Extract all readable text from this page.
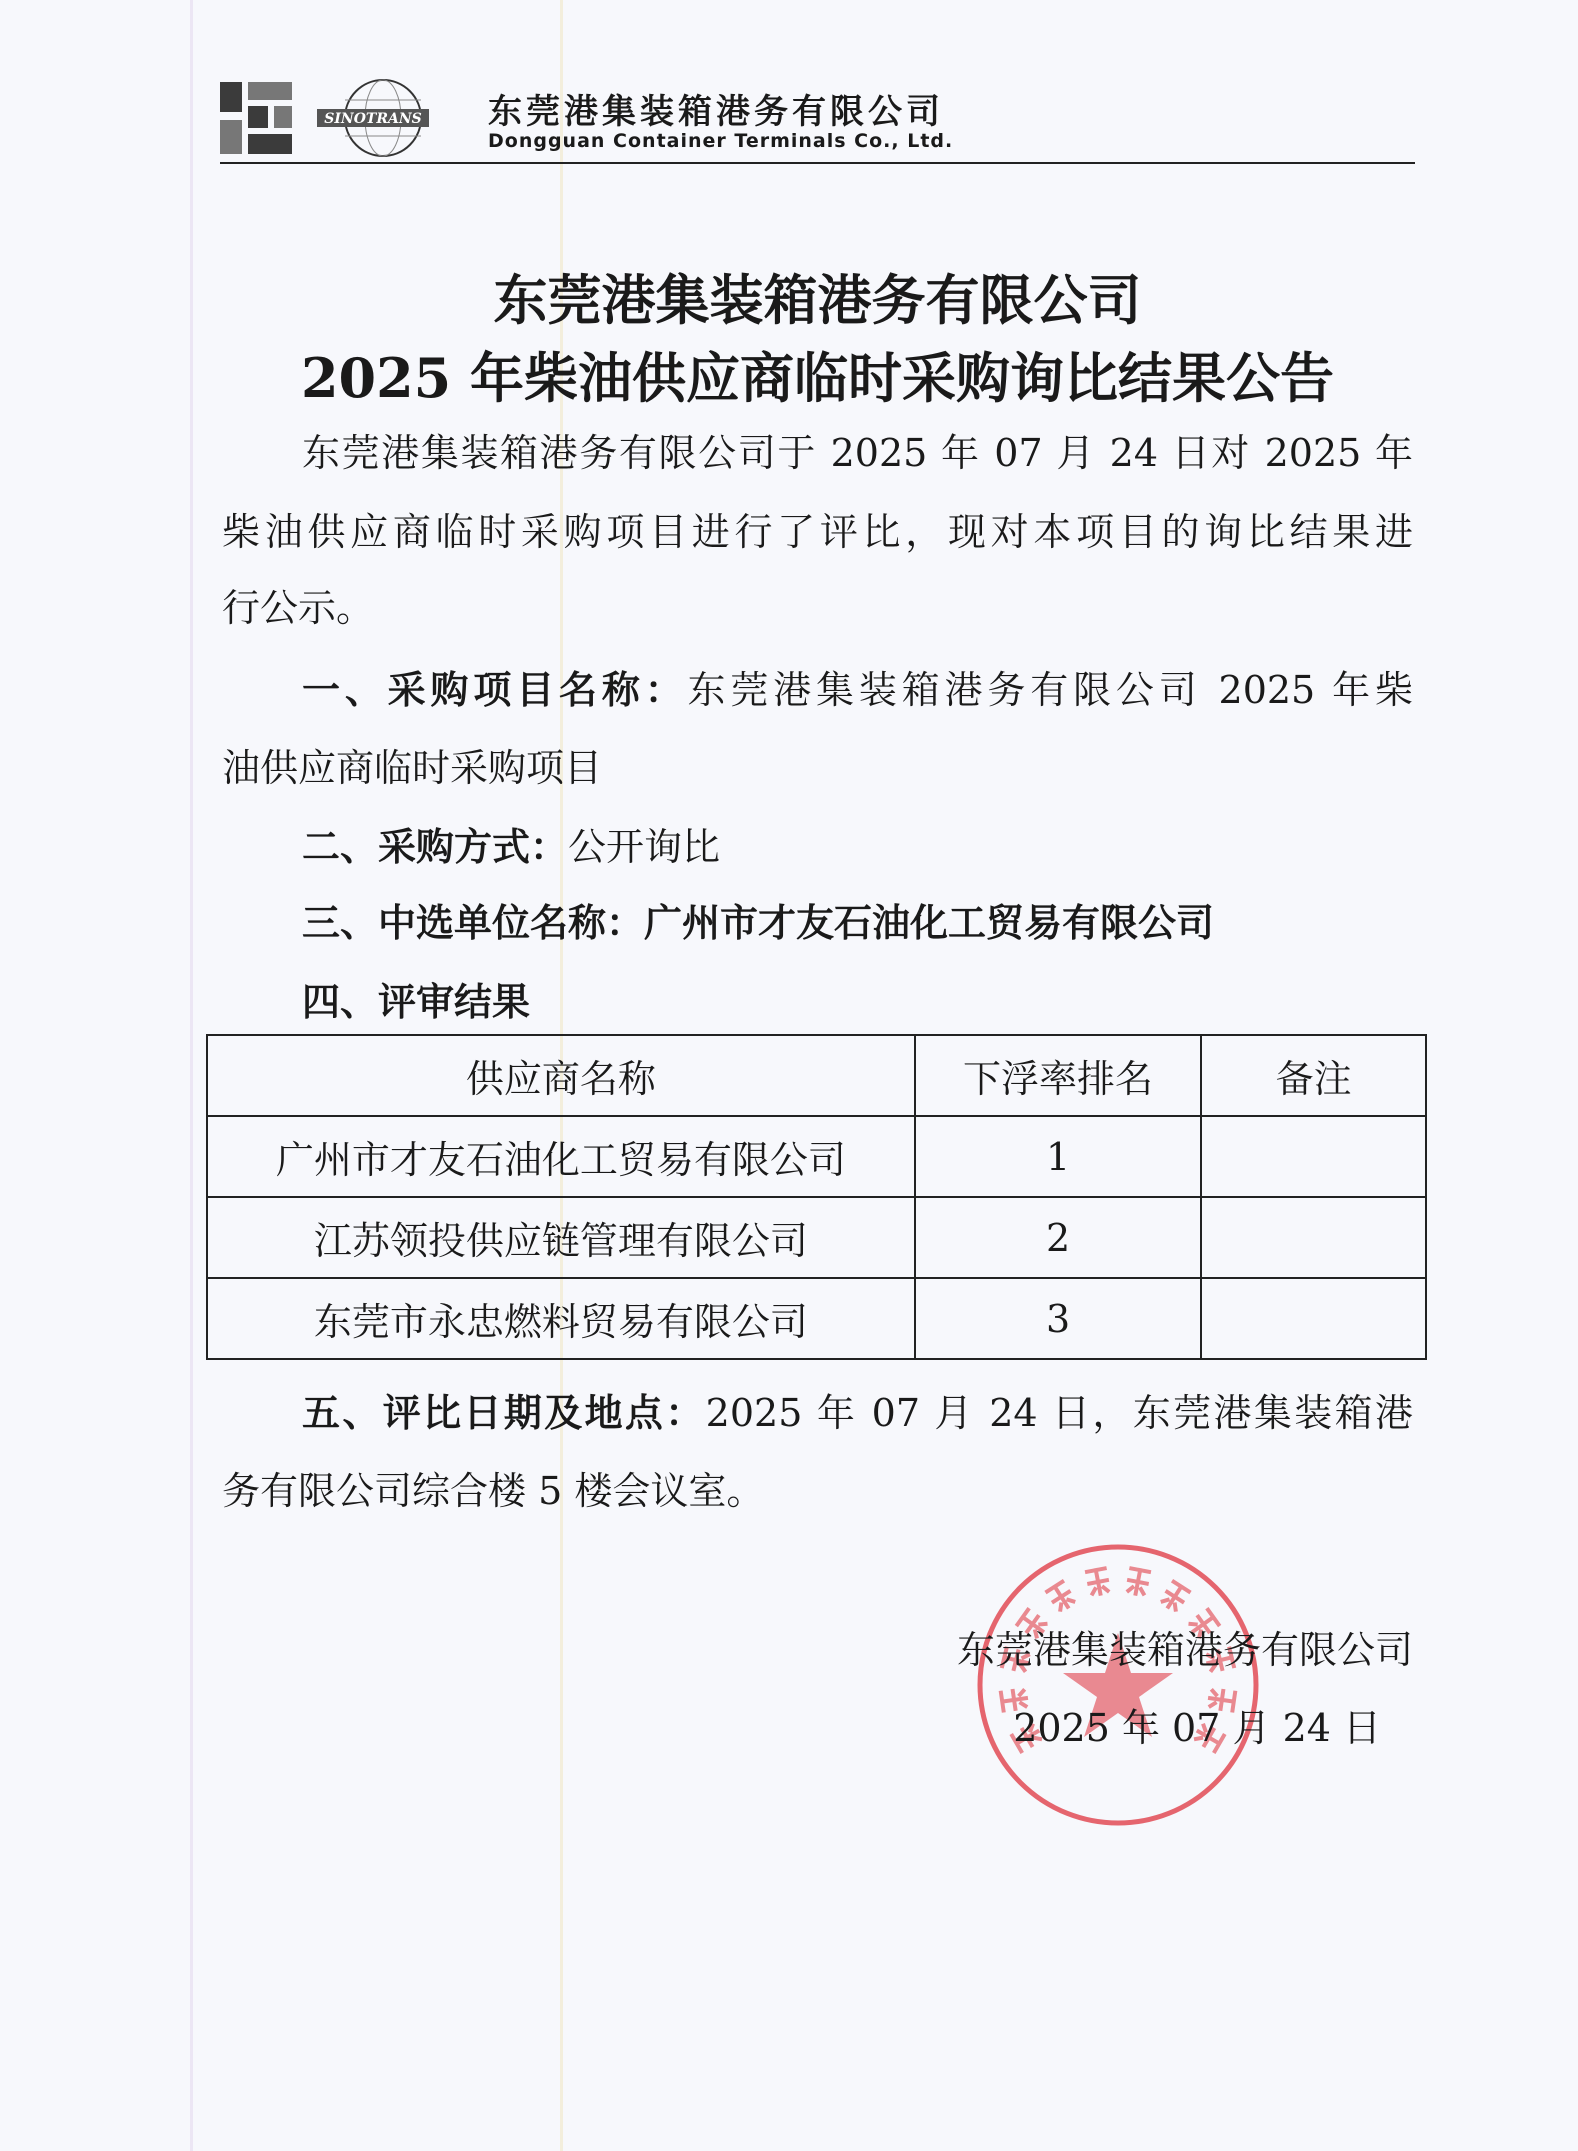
SINOTRANS 东莞港集装箱港务有限公司
Dongguan Container Terminals Co., Ltd.
东莞港集装箱港务有限公司
2025 年柴油供应商临时采购询比结果公告
东莞港集装箱港务有限公司于 2025 年 07 月 24 日对 2025 年
柴油供应商临时采购项目进行了评比，现对本项目的询比结果进
行公示。
一、采购项目名称：东莞港集装箱港务有限公司 2025 年柴
油供应商临时采购项目
二、采购方式：公开询比
三、中选单位名称：广州市才友石油化工贸易有限公司
四、评审结果
供应商名称	下浮率排名	备注
广州市才友石油化工贸易有限公司	1	
江苏领投供应链管理有限公司	2	
东莞市永忠燃料贸易有限公司	3	
五、评比日期及地点：2025 年 07 月 24 日，东莞港集装箱港
务有限公司综合楼 5 楼会议室。
东莞港集装箱港务有限公司
2025 年 07 月 24 日
